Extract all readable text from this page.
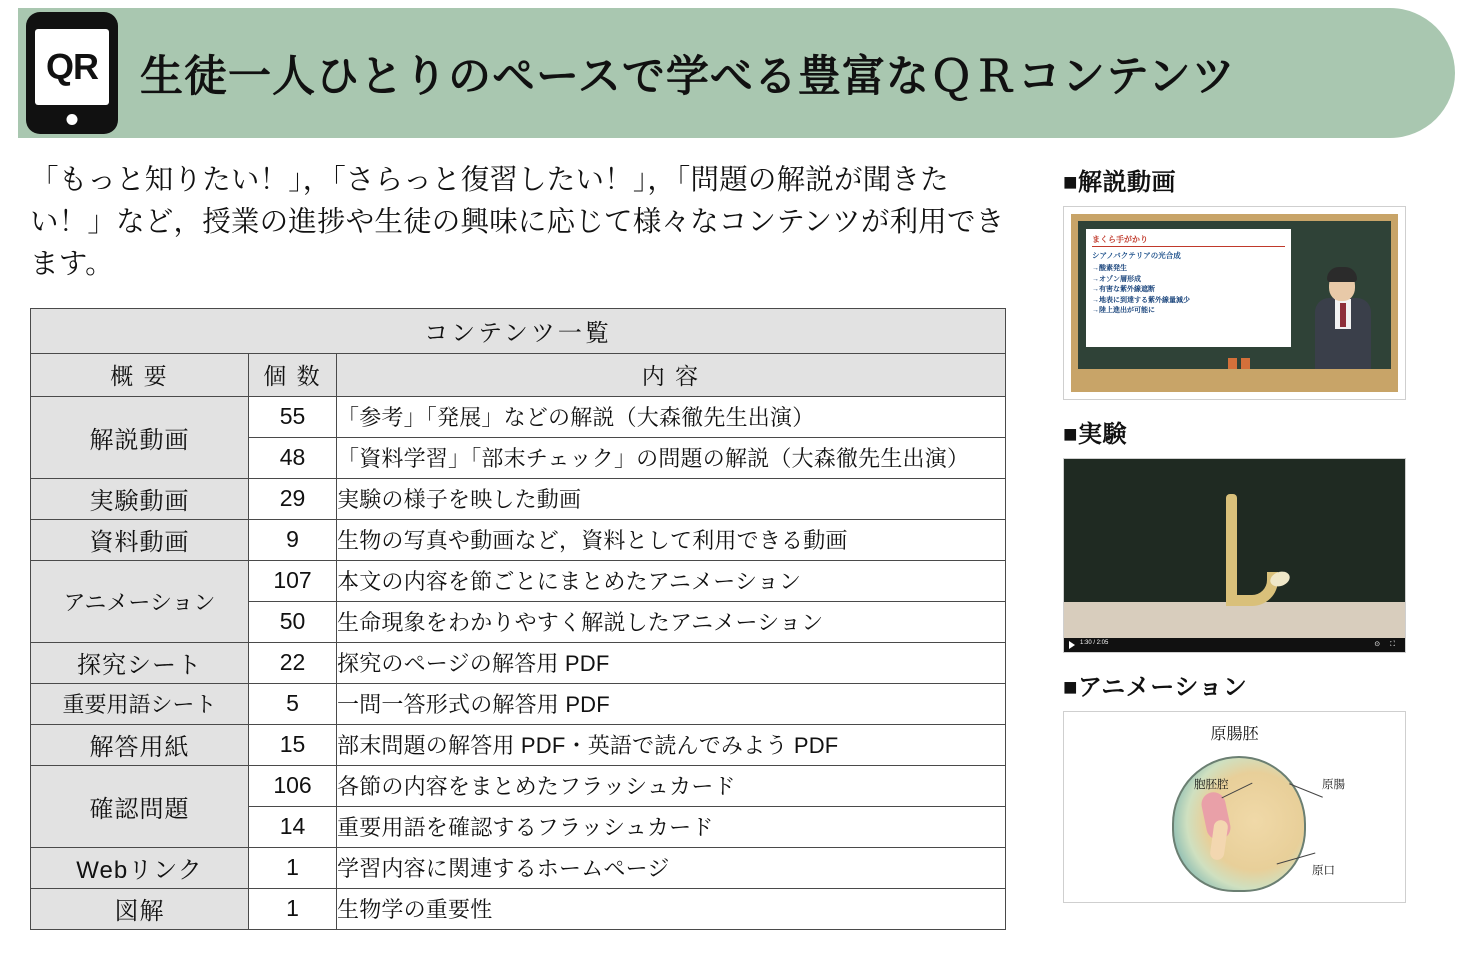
QR 生徒一人ひとりのペースで学べる豊富なＱＲコンテンツ

「もっと知りたい！」，「さらっと復習したい！」，「問題の解説が聞きたい！」など，授業の進捗や生徒の興味に応じて様々なコンテンツが利用できます。

コンテンツ一覧		
概 要	個 数	内 容
解説動画	55	「参考」「発展」などの解説（大森徹先生出演）
	48	「資料学習」「部末チェック」の問題の解説（大森徹先生出演）
実験動画	29	実験の様子を映した動画
資料動画	9	生物の写真や動画など，資料として利用できる動画
アニメーション	107	本文の内容を節ごとにまとめたアニメーション
	50	生命現象をわかりやすく解説したアニメーション
探究シート	22	探究のページの解答用 PDF
重要用語シート	5	一問一答形式の解答用 PDF
解答用紙	15	部末問題の解答用 PDF・英語で読んでみよう PDF
確認問題	106	各節の内容をまとめたフラッシュカード
	14	重要用語を確認するフラッシュカード
Webリンク	1	学習内容に関連するホームページ
図解	1	生物学の重要性
■解説動画
まくら手がかり
シアノバクテリアの光合成
→酸素発生
→オゾン層形成
→有害な紫外線遮断
→地表に到達する紫外線量減少
→陸上進出が可能に
■実験
1:30 / 2:05	⊙ ⛶
■アニメーション
原腸胚
原腸
胞胚腔
原口
